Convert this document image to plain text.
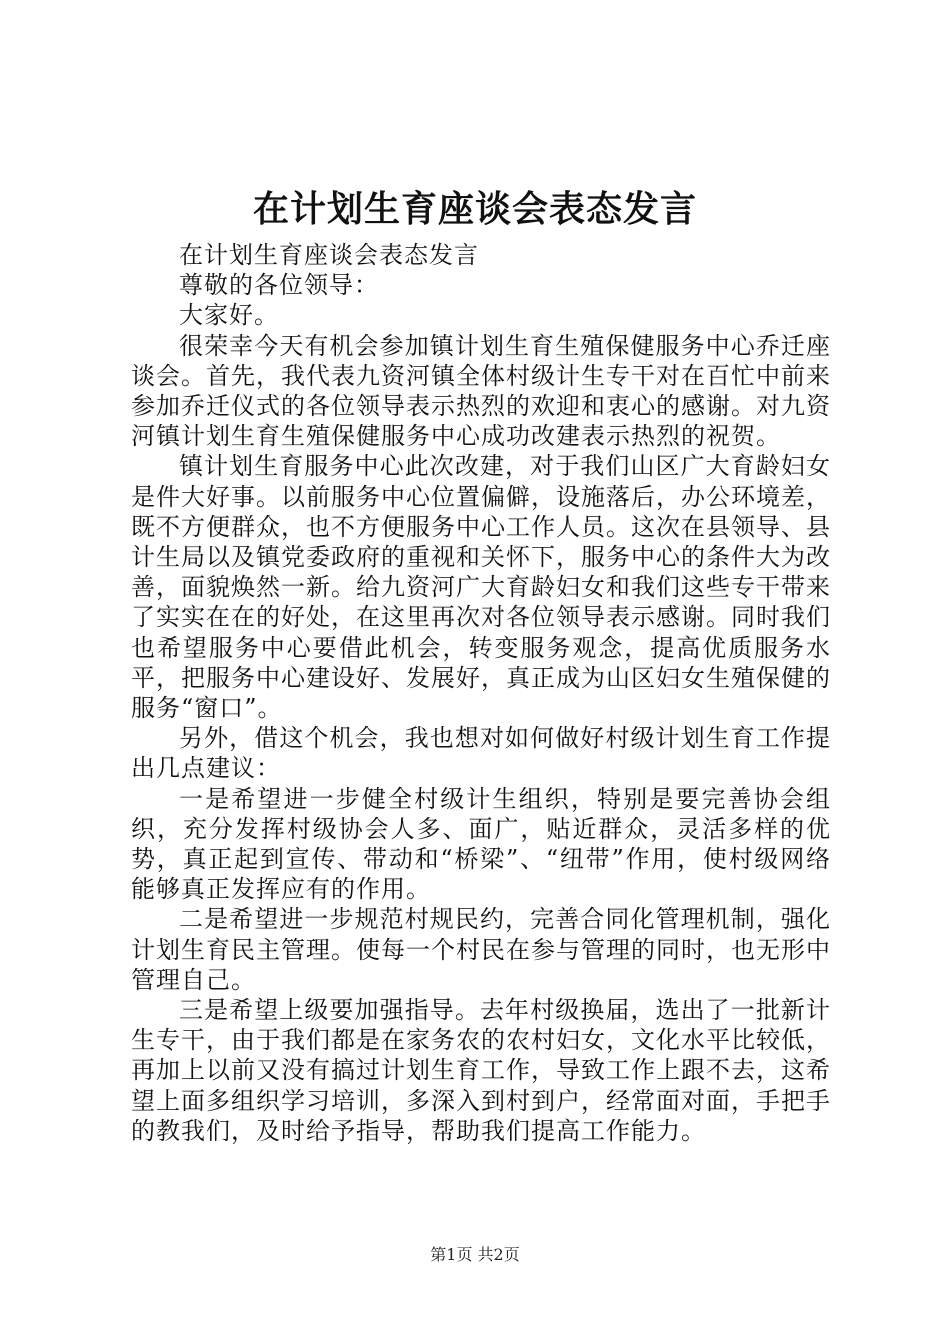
在计划生育座谈会表态发言

在计划生育座谈会表态发言

尊敬的各位领导：

大家好。

很荣幸今天有机会参加镇计划生育生殖保健服务中心乔迁座谈会。首先，我代表九资河镇全体村级计生专干对在百忙中前来参加乔迁仪式的各位领导表示热烈的欢迎和衷心的感谢。对九资河镇计划生育生殖保健服务中心成功改建表示热烈的祝贺。

镇计划生育服务中心此次改建，对于我们山区广大育龄妇女是件大好事。以前服务中心位置偏僻，设施落后，办公环境差，既不方便群众，也不方便服务中心工作人员。这次在县领导、县计生局以及镇党委政府的重视和关怀下，服务中心的条件大为改善，面貌焕然一新。给九资河广大育龄妇女和我们这些专干带来了实实在在的好处，在这里再次对各位领导表示感谢。同时我们也希望服务中心要借此机会，转变服务观念，提高优质服务水平，把服务中心建设好、发展好，真正成为山区妇女生殖保健的服务“窗口”。

另外，借这个机会，我也想对如何做好村级计划生育工作提出几点建议：

一是希望进一步健全村级计生组织，特别是要完善协会组织，充分发挥村级协会人多、面广，贴近群众，灵活多样的优势，真正起到宣传、带动和“桥梁”、“纽带”作用，使村级网络能够真正发挥应有的作用。

二是希望进一步规范村规民约，完善合同化管理机制，强化计划生育民主管理。使每一个村民在参与管理的同时，也无形中管理自己。

三是希望上级要加强指导。去年村级换届，选出了一批新计生专干，由于我们都是在家务农的农村妇女，文化水平比较低，再加上以前又没有搞过计划生育工作，导致工作上跟不去，这希望上面多组织学习培训，多深入到村到户，经常面对面，手把手的教我们，及时给予指导，帮助我们提高工作能力。

第1页 共2页
